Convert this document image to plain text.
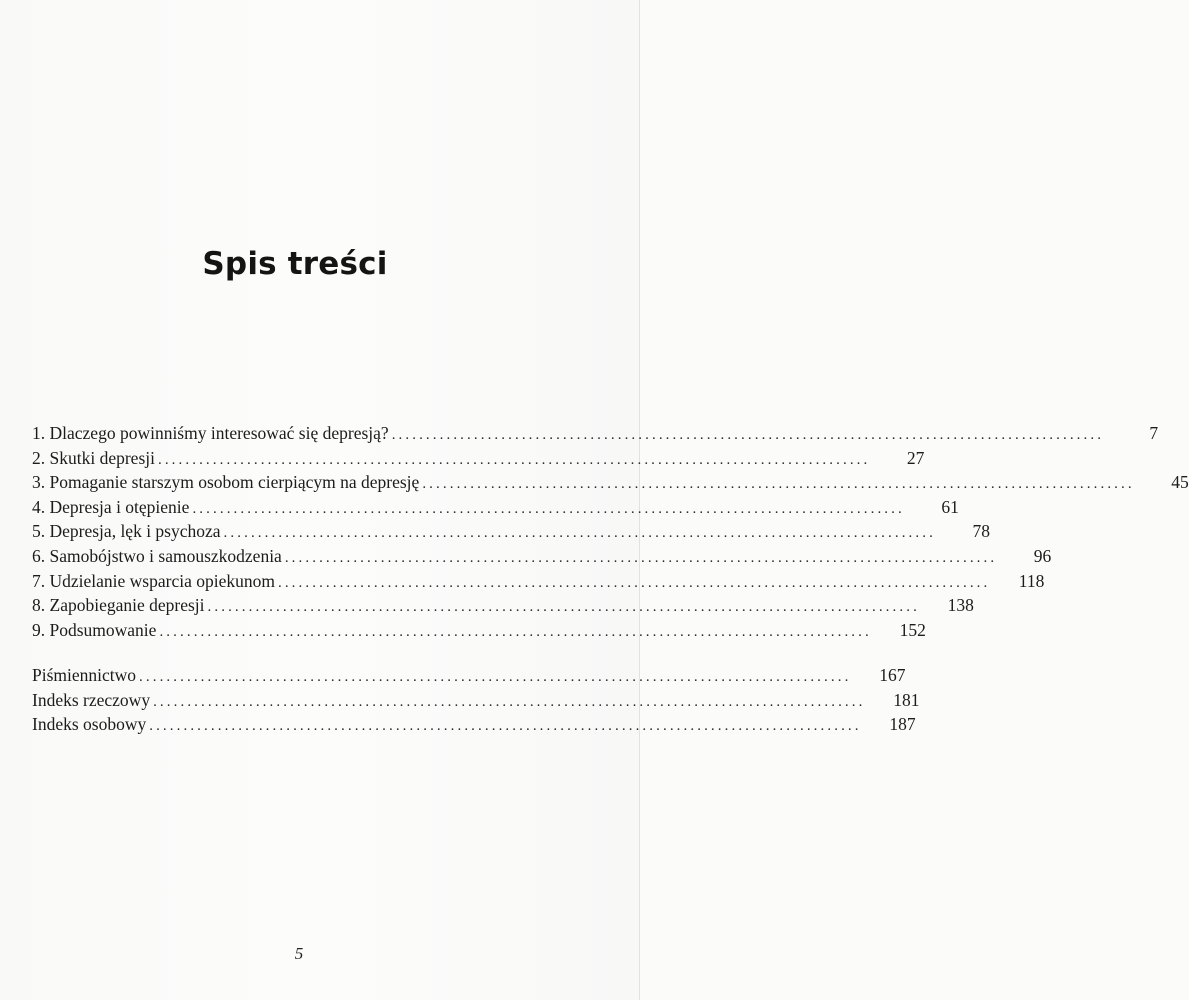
Spis treści
1. Dlaczego powinniśmy interesować się depresją? ........................................................................................................	7
2. Skutki depresji ........................................................................................................	27
3. Pomaganie starszym osobom cierpiącym na depresję ........................................................................................................	45
4. Depresja i otępienie ........................................................................................................	61
5. Depresja, lęk i psychoza ........................................................................................................	78
6. Samobójstwo i samouszkodzenia ........................................................................................................	96
7. Udzielanie wsparcia opiekunom ........................................................................................................	118
8. Zapobieganie depresji ........................................................................................................	138
9. Podsumowanie ........................................................................................................	152
Piśmiennictwo ........................................................................................................	167
Indeks rzeczowy ........................................................................................................	181
Indeks osobowy ........................................................................................................	187
5
